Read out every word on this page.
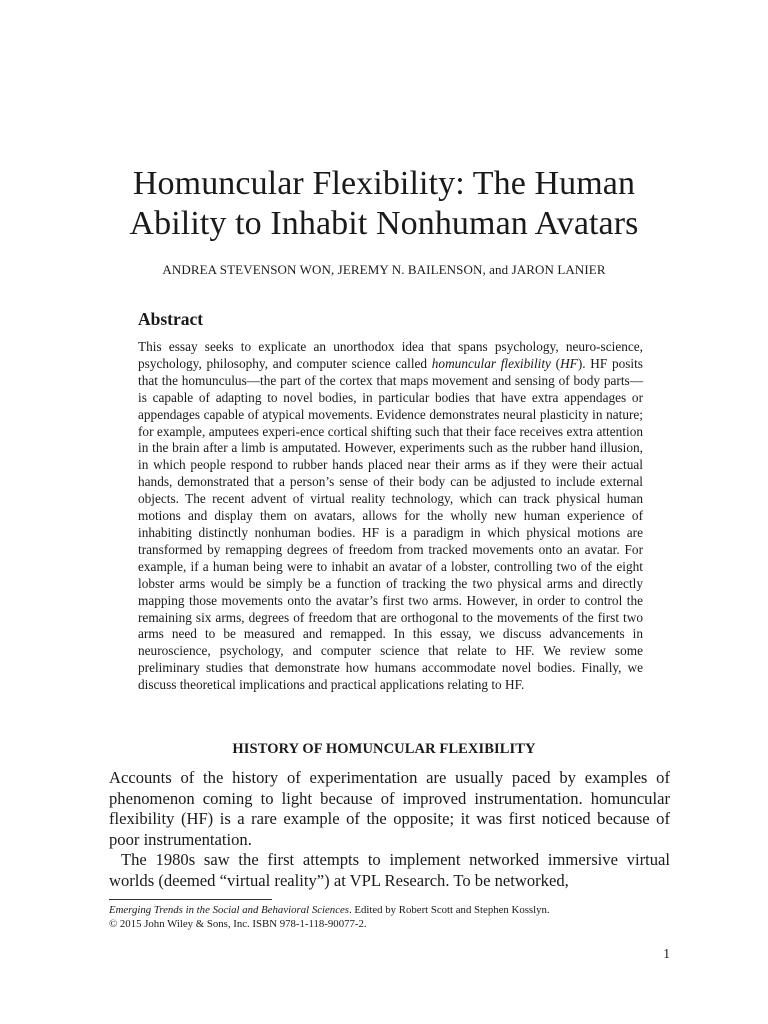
Homuncular Flexibility: The Human
Ability to Inhabit Nonhuman Avatars
ANDREA STEVENSON WON, JEREMY N. BAILENSON, and JARON LANIER
Abstract

This essay seeks to explicate an unorthodox idea that spans psychology, neuro-science, psychology, philosophy, and computer science called homuncular flexibility (HF). HF posits that the homunculus—the part of the cortex that maps movement and sensing of body parts—is capable of adapting to novel bodies, in particular bodies that have extra appendages or appendages capable of atypical movements. Evidence demonstrates neural plasticity in nature; for example, amputees experi-ence cortical shifting such that their face receives extra attention in the brain after a limb is amputated. However, experiments such as the rubber hand illusion, in which people respond to rubber hands placed near their arms as if they were their actual hands, demonstrated that a person’s sense of their body can be adjusted to include external objects. The recent advent of virtual reality technology, which can track physical human motions and display them on avatars, allows for the wholly new human experience of inhabiting distinctly nonhuman bodies. HF is a paradigm in which physical motions are transformed by remapping degrees of freedom from tracked movements onto an avatar. For example, if a human being were to inhabit an avatar of a lobster, controlling two of the eight lobster arms would be simply be a function of tracking the two physical arms and directly mapping those movements onto the avatar’s first two arms. However, in order to control the remaining six arms, degrees of freedom that are orthogonal to the movements of the first two arms need to be measured and remapped. In this essay, we discuss advancements in neuroscience, psychology, and computer science that relate to HF. We review some preliminary studies that demonstrate how humans accommodate novel bodies. Finally, we discuss theoretical implications and practical applications relating to HF.

HISTORY OF HOMUNCULAR FLEXIBILITY

Accounts of the history of experimentation are usually paced by examples of phenomenon coming to light because of improved instrumentation. homuncular flexibility (HF) is a rare example of the opposite; it was first noticed because of poor instrumentation.

The 1980s saw the first attempts to implement networked immersive virtual worlds (deemed “virtual reality”) at VPL Research. To be networked,

Emerging Trends in the Social and Behavioral Sciences. Edited by Robert Scott and Stephen Kosslyn.
© 2015 John Wiley & Sons, Inc. ISBN 978-1-118-90077-2.
1
